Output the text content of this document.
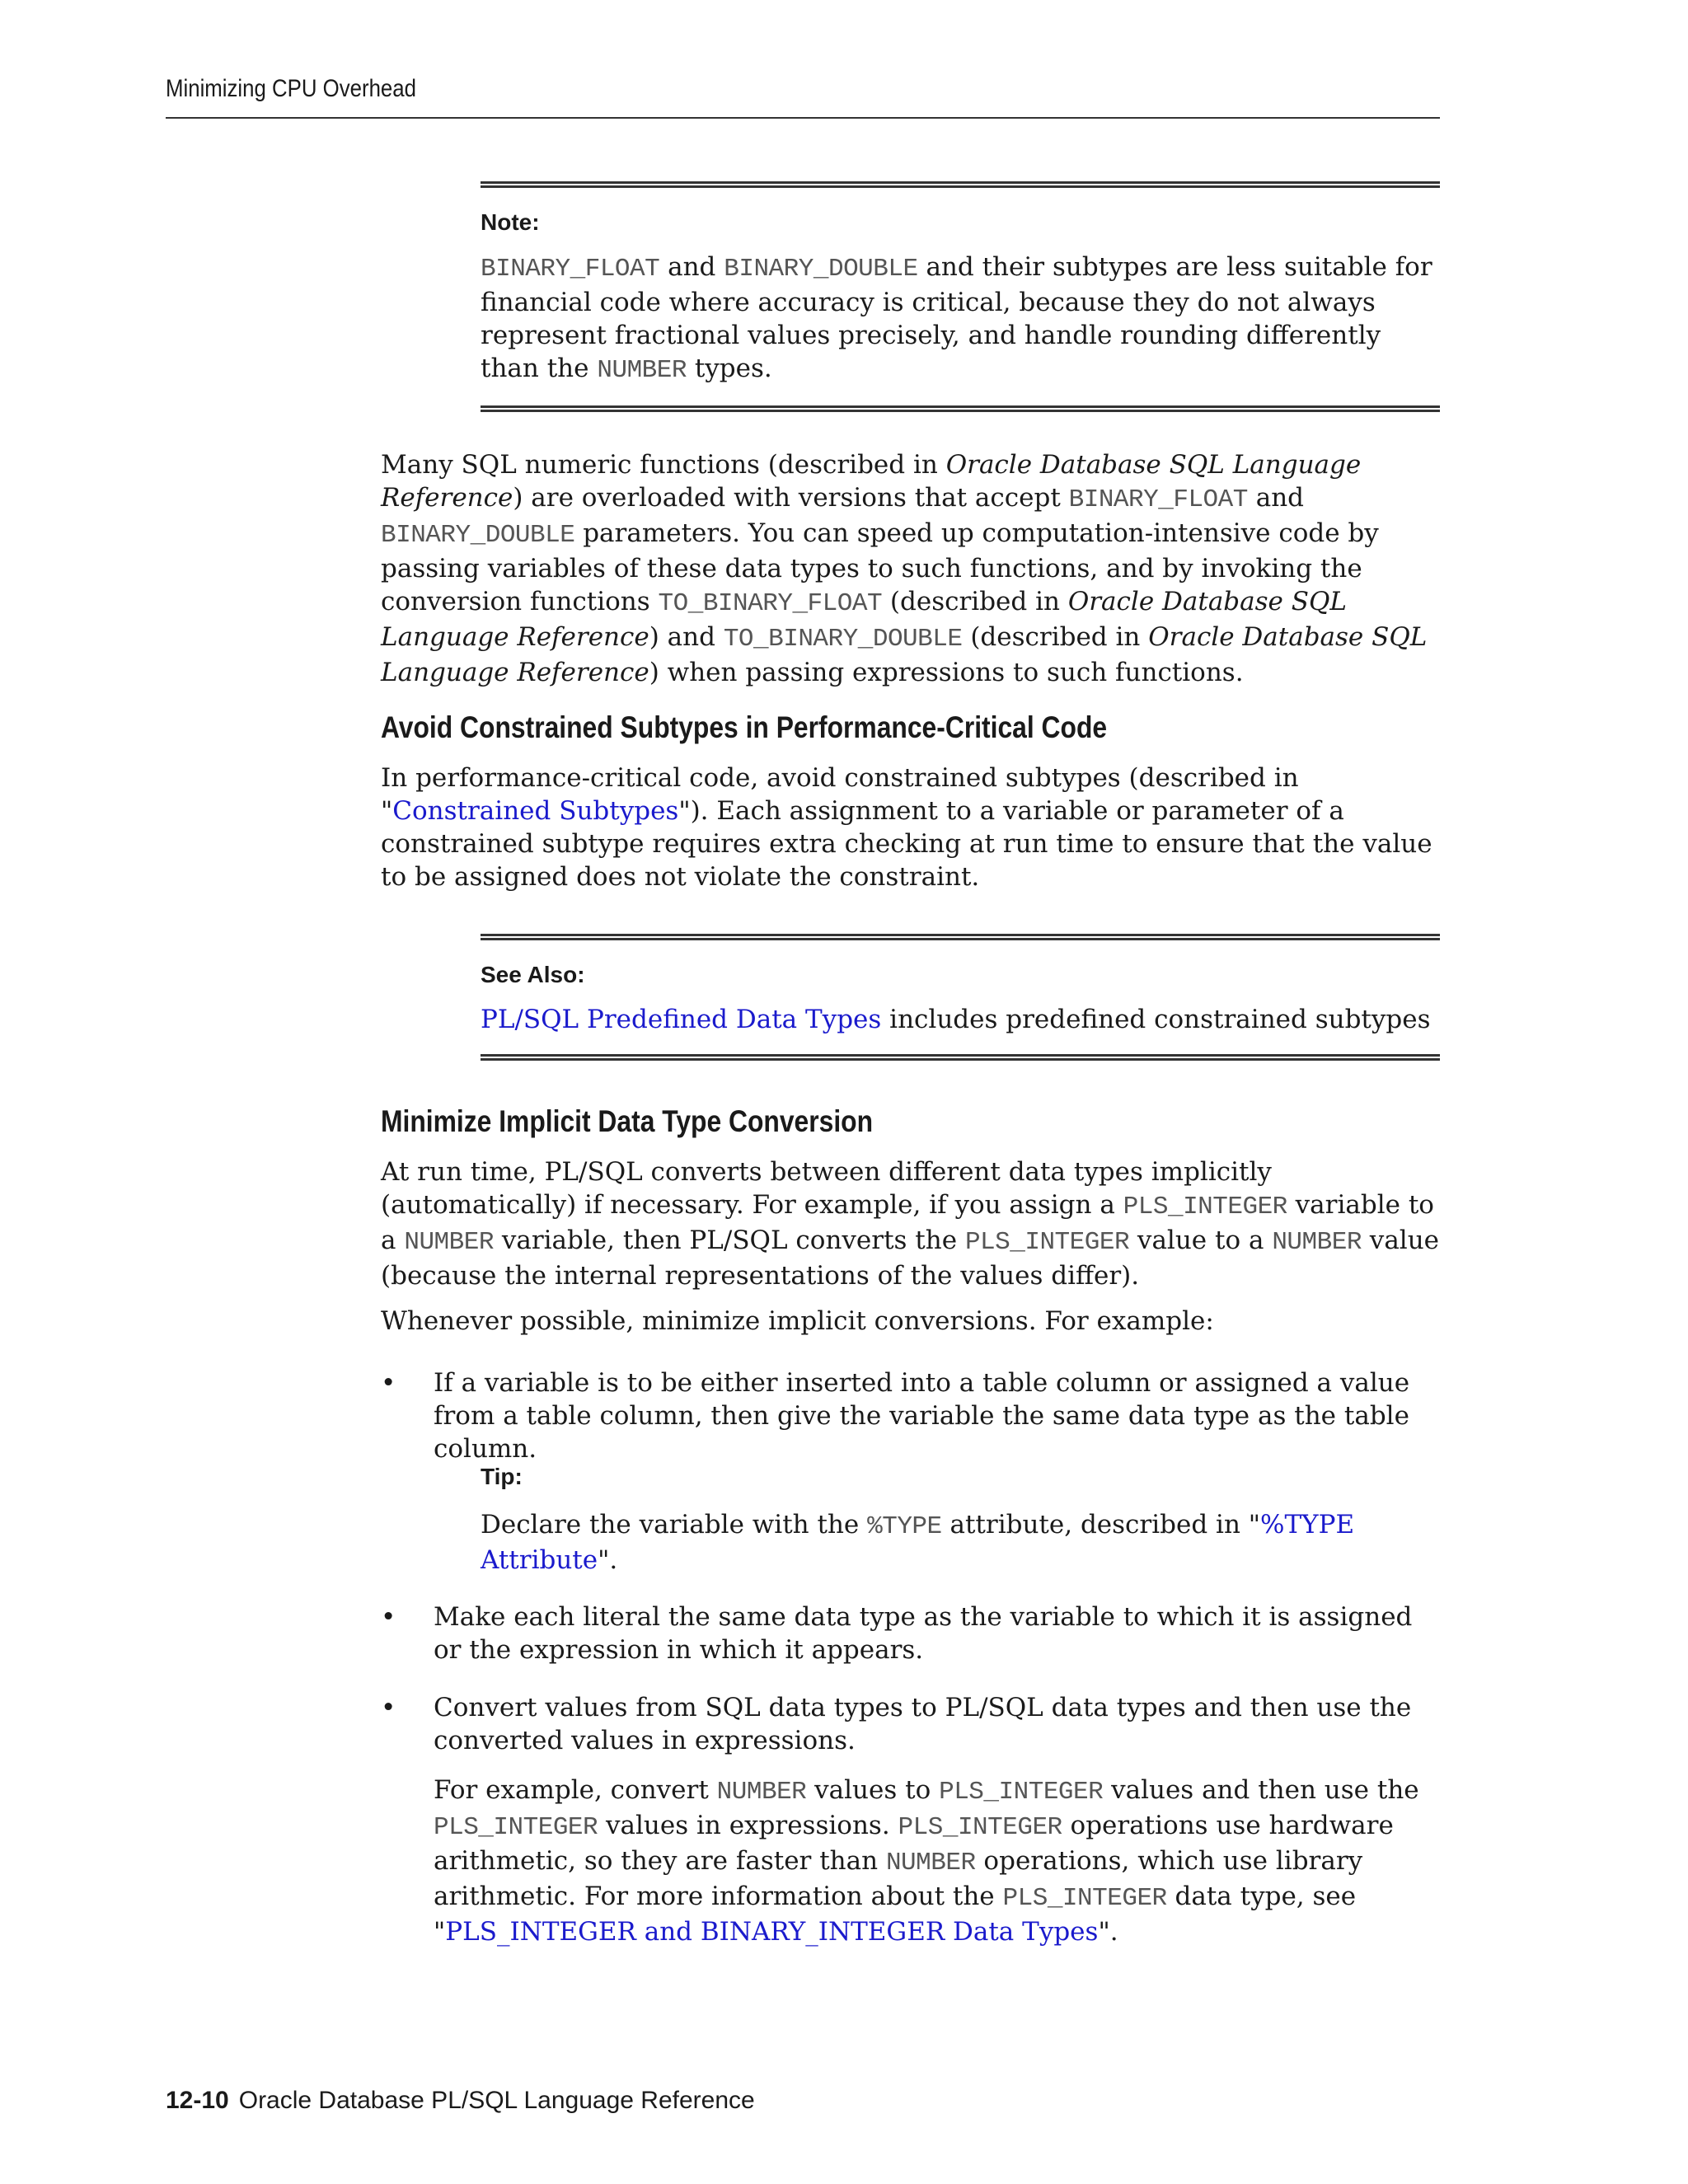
Minimizing CPU Overhead

Note:

BINARY_FLOAT and BINARY_DOUBLE and their subtypes are less suitable for financial code where accuracy is critical, because they do not always represent fractional values precisely, and handle rounding differently than the NUMBER types.

Many SQL numeric functions (described in Oracle Database SQL Language Reference) are overloaded with versions that accept BINARY_FLOAT and BINARY_DOUBLE parameters. You can speed up computation-intensive code by passing variables of these data types to such functions, and by invoking the conversion functions TO_BINARY_FLOAT (described in Oracle Database SQL Language Reference) and TO_BINARY_DOUBLE (described in Oracle Database SQL Language Reference) when passing expressions to such functions.

Avoid Constrained Subtypes in Performance-Critical Code

In performance-critical code, avoid constrained subtypes (described in "Constrained Subtypes"). Each assignment to a variable or parameter of a constrained subtype requires extra checking at run time to ensure that the value to be assigned does not violate the constraint.

See Also:

PL/SQL Predefined Data Types includes predefined constrained subtypes

Minimize Implicit Data Type Conversion

At run time, PL/SQL converts between different data types implicitly (automatically) if necessary. For example, if you assign a PLS_INTEGER variable to a NUMBER variable, then PL/SQL converts the PLS_INTEGER value to a NUMBER value (because the internal representations of the values differ).

Whenever possible, minimize implicit conversions. For example:

• If a variable is to be either inserted into a table column or assigned a value from a table column, then give the variable the same data type as the table column.

Tip:

Declare the variable with the %TYPE attribute, described in "%TYPE Attribute".

• Make each literal the same data type as the variable to which it is assigned or the expression in which it appears.

• Convert values from SQL data types to PL/SQL data types and then use the converted values in expressions.

For example, convert NUMBER values to PLS_INTEGER values and then use the PLS_INTEGER values in expressions. PLS_INTEGER operations use hardware arithmetic, so they are faster than NUMBER operations, which use library arithmetic. For more information about the PLS_INTEGER data type, see "PLS_INTEGER and BINARY_INTEGER Data Types".

12-10 Oracle Database PL/SQL Language Reference
